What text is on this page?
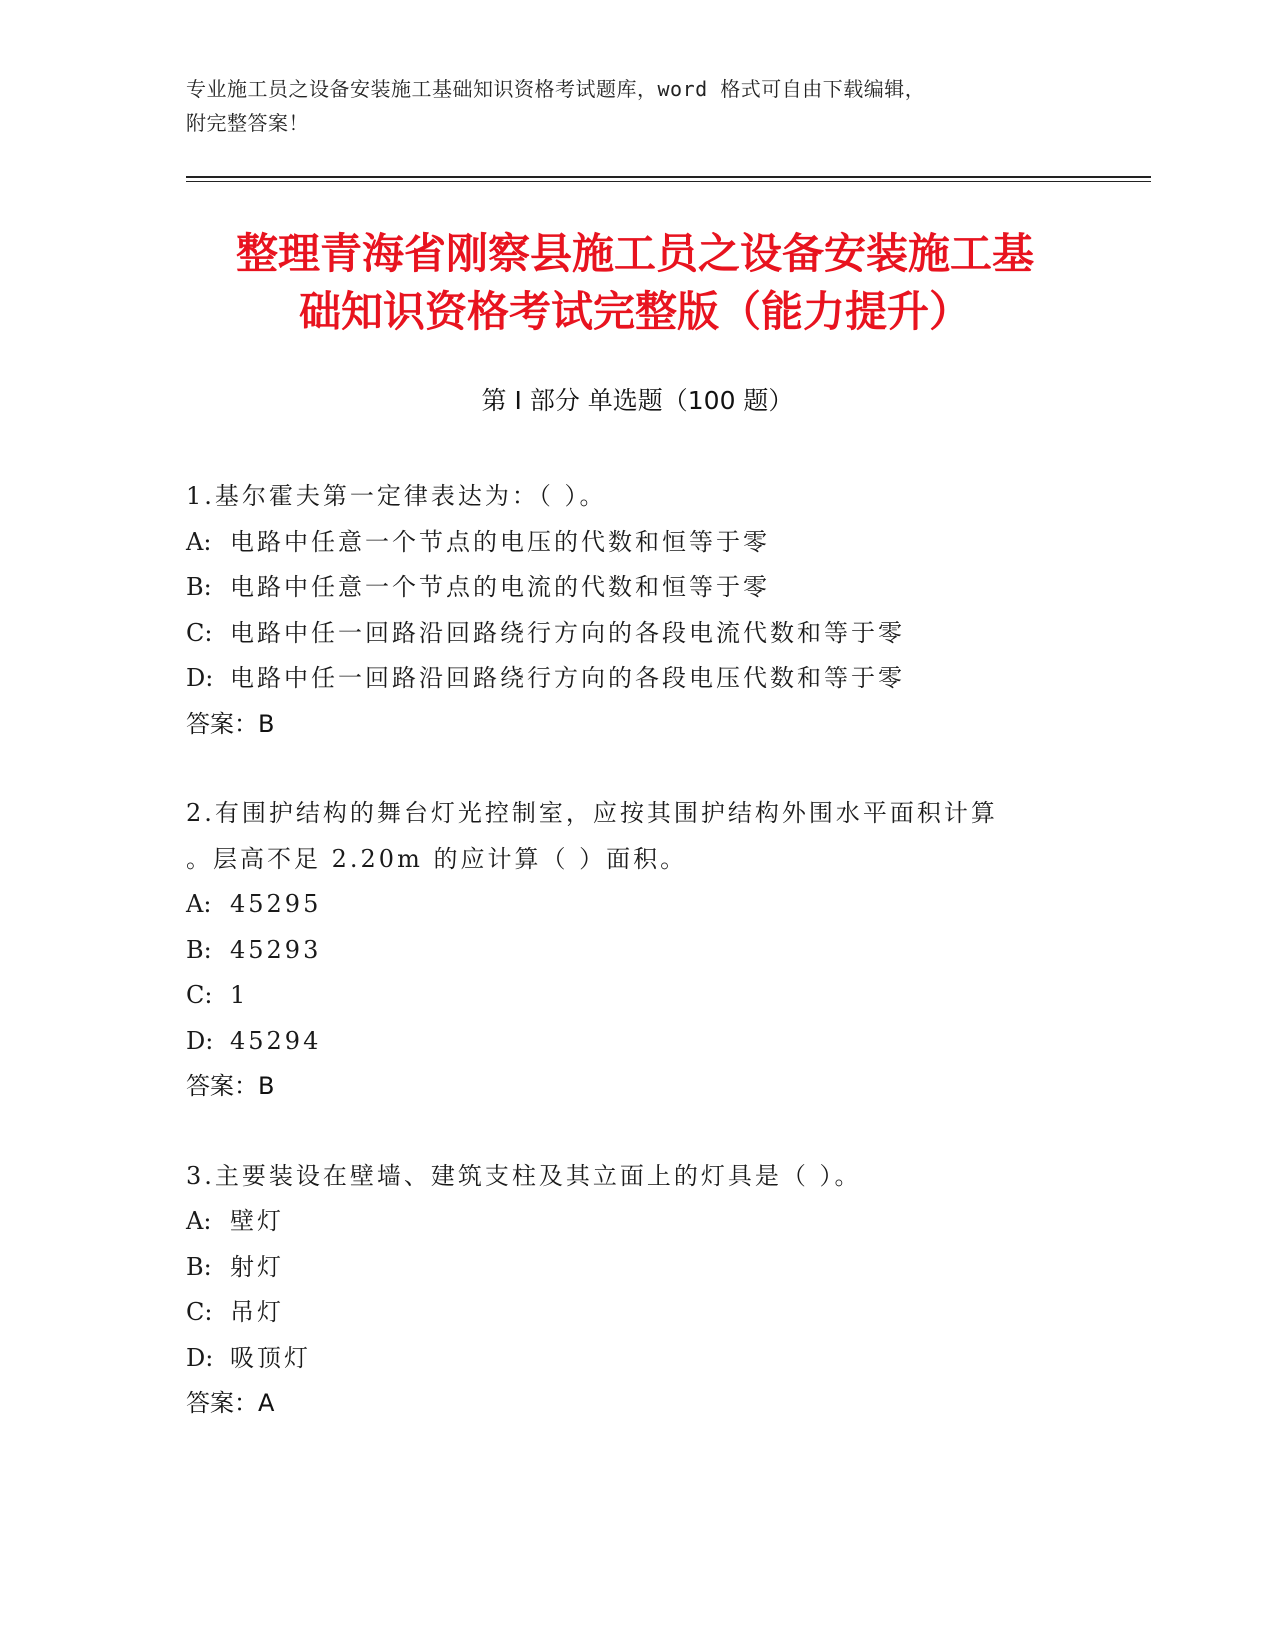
专业施工员之设备安装施工基础知识资格考试题库，word 格式可自由下载编辑，
附完整答案！
整理青海省刚察县施工员之设备安装施工基
础知识资格考试完整版（能力提升）
第 I 部分 单选题（100 题）
1.基尔霍夫第一定律表达为：（ ）。
A: 电路中任意一个节点的电压的代数和恒等于零
B: 电路中任意一个节点的电流的代数和恒等于零
C: 电路中任一回路沿回路绕行方向的各段电流代数和等于零
D: 电路中任一回路沿回路绕行方向的各段电压代数和等于零
答案：B
2.有围护结构的舞台灯光控制室，应按其围护结构外围水平面积计算
。层高不足 2.20m 的应计算（ ）面积。
A: 45295
B: 45293
C: 1
D: 45294
答案：B
3.主要装设在壁墙、建筑支柱及其立面上的灯具是（ ）。
A: 壁灯
B: 射灯
C: 吊灯
D: 吸顶灯
答案：A
